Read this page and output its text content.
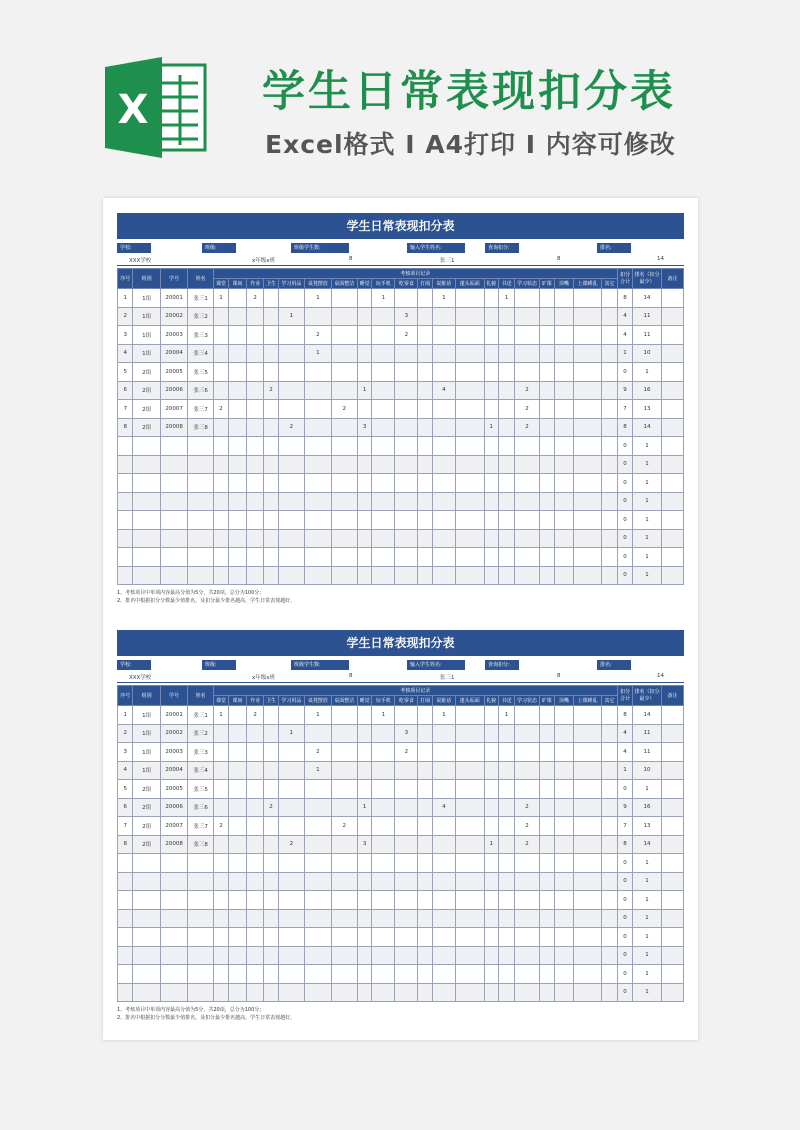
X	学生日常表现扣分表
Excel格式 Ⅰ A4打印 Ⅰ 内容可修改
学生日常表现扣分表
学校:	班级:	班级学生数:	输入学生姓名:	查询扣分:	排名:
XXX学校	x年级x班	8	张三1	8	14
序号	组别	学号	姓名	考核项目记录																				扣分合计	排名（扣分最少）	备注
				课堂	课间	作业	卫生	学习用品	桌凳摆放	桌面整洁	睡觉	玩手机	吃零食	打闹	说脏话	蓬头垢面	礼貌	书送	学习状态	旷课	顶嘴	上课睡乱	其它			
1	1组	20001	张三1	1		2			1			1			1			1						8	14	
2	1组	20002	张三2					1					3											4	11	
3	1组	20003	张三3						2				2											4	11	
4	1组	20004	张三4						1															1	10	
5	2组	20005	张三5																					0	1	
6	2组	20006	张三6				2				1				4				2					9	16	
7	2组	20007	张三7	2						2									2					7	13	
8	2组	20008	张三8					2			3						1		2					8	14	
																								0	1	
																								0	1	
																								0	1	
																								0	1	
																								0	1	
																								0	1	
																								0	1	
																								0	1	
1、考核项目中单项内容最高分值为5分，共20项，总分为100分；
2、排名中根据扣分分数最少值排名，及扣分最少排名越高，学生日常表现越好。
学生日常表现扣分表
学校:	班级:	班级学生数:	输入学生姓名:	查询扣分:	排名:
XXX学校	x年级x班	8	张三1	8	14
序号	组别	学号	姓名	考核项目记录																				扣分合计	排名（扣分最少）	备注
				课堂	课间	作业	卫生	学习用品	桌凳摆放	桌面整洁	睡觉	玩手机	吃零食	打闹	说脏话	蓬头垢面	礼貌	书送	学习状态	旷课	顶嘴	上课睡乱	其它			
1	1组	20001	张三1	1		2			1			1			1			1						8	14	
2	1组	20002	张三2					1					3											4	11	
3	1组	20003	张三3						2				2											4	11	
4	1组	20004	张三4						1															1	10	
5	2组	20005	张三5																					0	1	
6	2组	20006	张三6				2				1				4				2					9	16	
7	2组	20007	张三7	2						2									2					7	13	
8	2组	20008	张三8					2			3						1		2					8	14	
																								0	1	
																								0	1	
																								0	1	
																								0	1	
																								0	1	
																								0	1	
																								0	1	
																								0	1	
1、考核项目中单项内容最高分值为5分，共20项，总分为100分；
2、排名中根据扣分分数最少值排名，及扣分最少排名越高，学生日常表现越好。
